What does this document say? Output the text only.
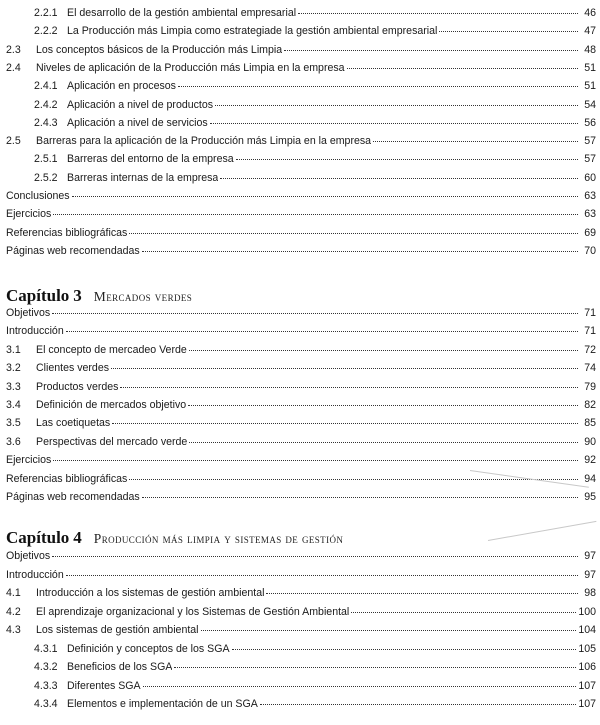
2.2.1 El desarrollo de la gestión ambiental empresarial	46
2.2.2 La Producción más Limpia como estrategiade la gestión ambiental empresarial	47
2.3	Los conceptos básicos de la Producción más Limpia	48
2.4	Niveles de aplicación de la Producción más Limpia en la empresa	51
2.4.1 Aplicación en procesos	51
2.4.2 Aplicación a nivel de productos	54
2.4.3 Aplicación a nivel de servicios	56
2.5	Barreras para la aplicación de la Producción más Limpia en la empresa	57
2.5.1 Barreras del entorno de la empresa	57
2.5.2 Barreras internas de la empresa	60
Conclusiones	63
Ejercicios	63
Referencias bibliográficas	69
Páginas web recomendadas	70
Capítulo 3 Mercados verdes
Objetivos	71
Introducción	71
3.1	El concepto de mercadeo Verde	72
3.2	Clientes verdes	74
3.3	Productos verdes	79
3.4	Definición de mercados objetivo	82
3.5	Las coetiquetas	85
3.6	Perspectivas del mercado verde	90
Ejercicios	92
Referencias bibliográficas	94
Páginas web recomendadas	95
Capítulo 4 Producción más limpia y sistemas de gestión
Objetivos	97
Introducción	97
4.1	Introducción a los sistemas de gestión ambiental	98
4.2	El aprendizaje organizacional y los Sistemas de Gestión Ambiental	100
4.3	Los sistemas de gestión ambiental	104
4.3.1 Definición y conceptos de los SGA	105
4.3.2 Beneficios de los SGA	106
4.3.3 Diferentes SGA	107
4.3.4 Elementos e implementación de un SGA	107
